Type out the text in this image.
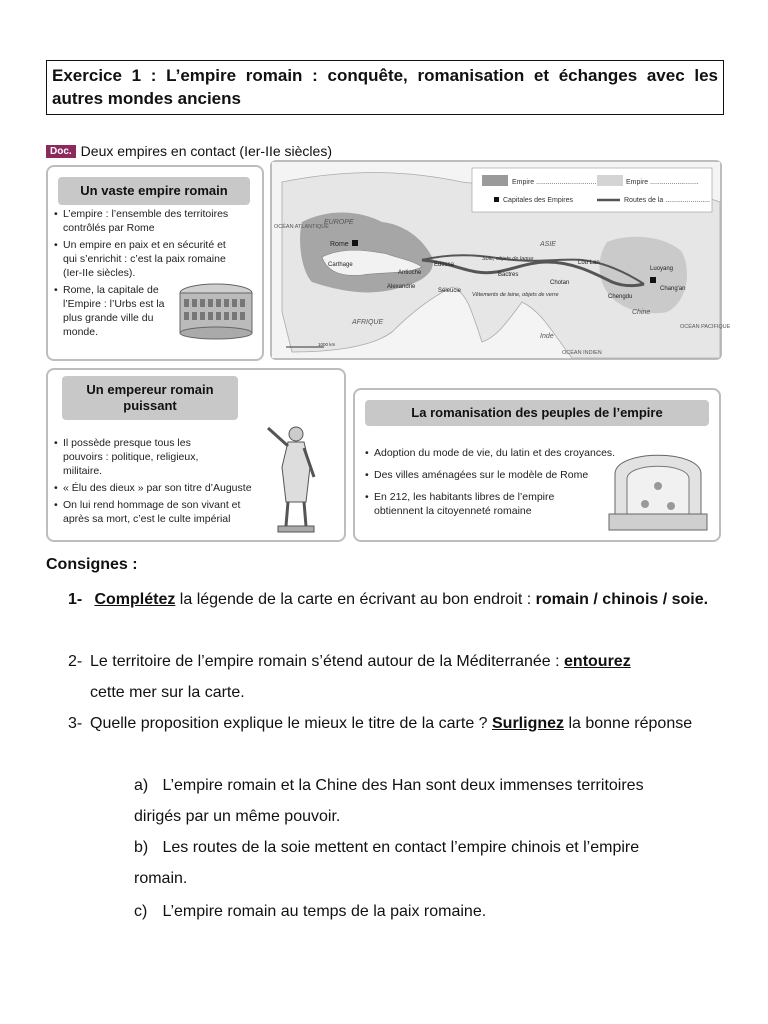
Exercice 1 : L’empire romain : conquête, romanisation et échanges avec les autres mondes anciens
Doc. Deux empires en contact (Ier-IIe siècles)
Un vaste empire romain
• L’empire : l’ensemble des territoires contrôlés par Rome
• Un empire en paix et en sécurité et qui s’enrichit : c’est la paix romaine (Ier-IIe siècles).
• Rome, la capitale de l’Empire : l’Urbs est la plus grande ville du monde.
Empire ...............................	Empire .........................
Capitales des Empires	Routes de la .......................
EUROPE
OCÉAN ATLANTIQUE
AFRIQUE
ASIE
Inde
OCÉAN INDIEN
OCÉAN PACIFIQUE
Chine
Rome
Carthage
Antioche
Alexandrie
Edessa
Séleucie
Bactres
Chotan
Lou Lan
Chengdu
Luoyang
Chang'an
Soie, objets de laque
Vêtements de laine, objets de verre
1000 km
Un empereur romain puissant
• Il possède presque tous les pouvoirs : politique, religieux, militaire.
• « Élu des dieux » par son titre d’Auguste
• On lui rend hommage de son vivant et après sa mort, c’est le culte impérial
La romanisation des peuples de l’empire
• Adoption du mode de vie, du latin et des croyances.
• Des villes aménagées sur le modèle de Rome
• En 212, les habitants libres de l’empire obtiennent la citoyenneté romaine
Consignes :
1- Complétez la légende de la carte en écrivant au bon endroit : romain / chinois / soie.
2- Le territoire de l’empire romain s’étend autour de la Méditerranée : entourez
cette mer sur la carte.
3- Quelle proposition explique le mieux le titre de la carte ? Surlignez la bonne réponse
a) L’empire romain et la Chine des Han sont deux immenses territoires dirigés par un même pouvoir.
b) Les routes de la soie mettent en contact l’empire chinois et l’empire romain.
c) L’empire romain au temps de la paix romaine.
